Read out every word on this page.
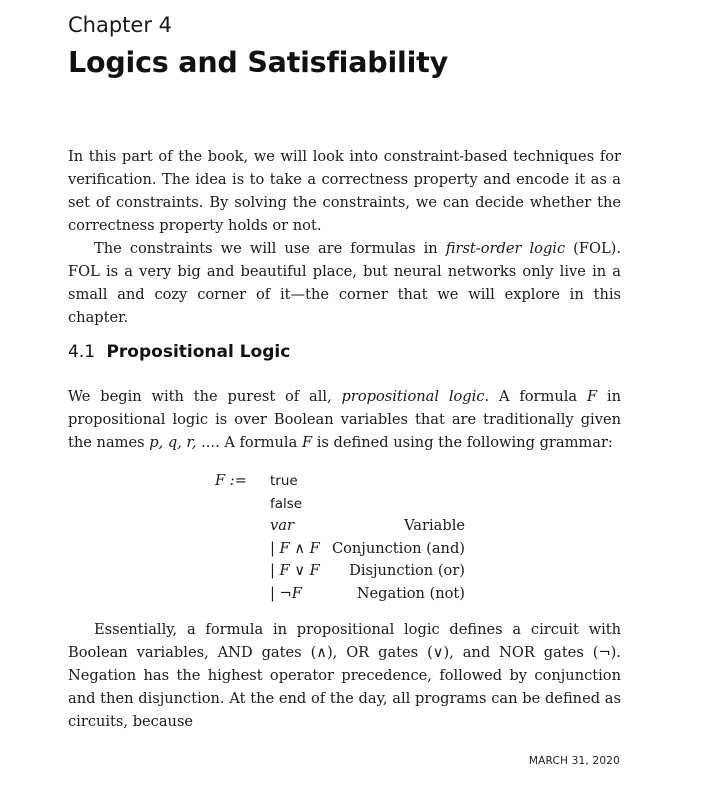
Chapter 4
Logics and Satisfiability

In this part of the book, we will look into constraint-based techniques for verification. The idea is to take a correctness property and encode it as a set of constraints. By solving the constraints, we can decide whether the correctness property holds or not.

The constraints we will use are formulas in first-order logic (FOL). FOL is a very big and beautiful place, but neural networks only live in a small and cozy corner of it—the corner that we will explore in this chapter.

4.1 Propositional Logic

We begin with the purest of all, propositional logic. A formula F in propositional logic is over Boolean variables that are traditionally given the names p, q, r, .... A formula F is defined using the following grammar:

F :=	true
false
var	Variable
| F ∧ F Conjunction (and)
| F ∨ F Disjunction (or)
| ¬F	Negation (not)

Essentially, a formula in propositional logic defines a circuit with Boolean variables, AND gates (∧), OR gates (∨), and NOR gates (¬). Negation has the highest operator precedence, followed by conjunction and then disjunction. At the end of the day, all programs can be defined as circuits, because

MARCH 31, 2020
